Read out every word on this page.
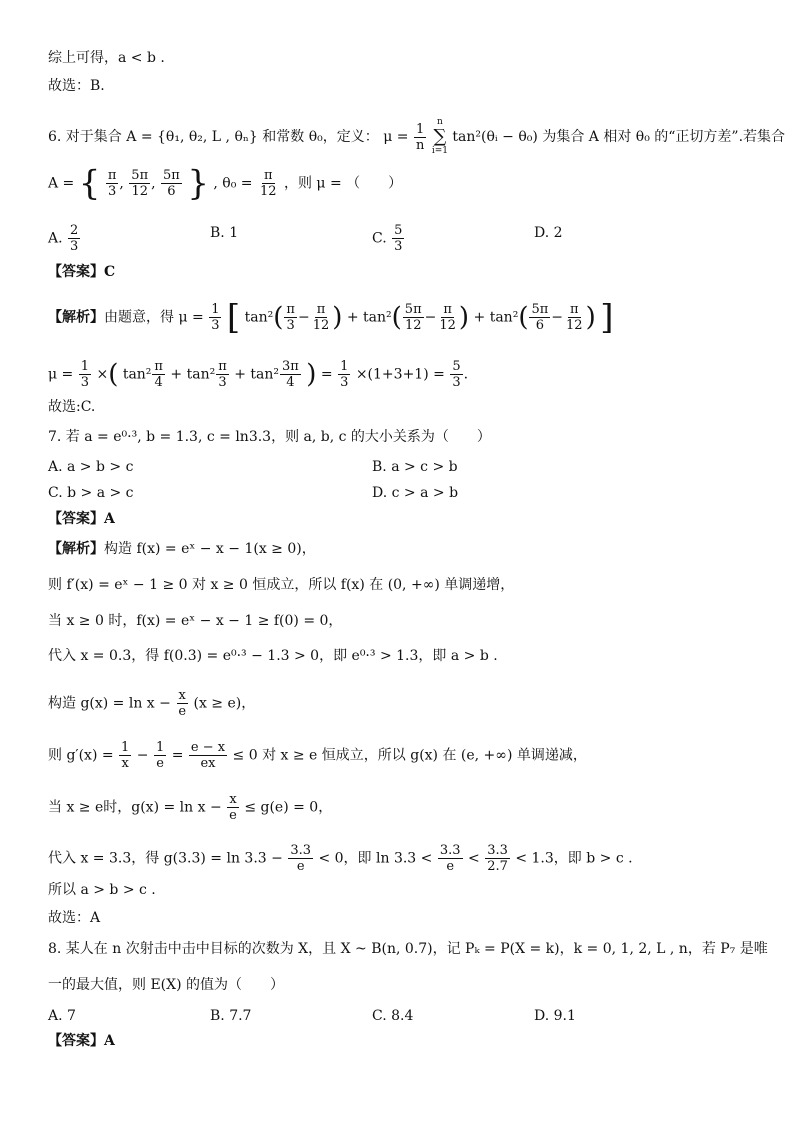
综上可得，a < b .
故选：B.
6. 对于集合 A = {θ₁, θ₂, L , θₙ} 和常数 θ₀，定义： $\mu = \frac{1}{n}$
n
∑
i=1
tan²(θᵢ − θ₀) 为集合 A 相对 θ₀ 的“正切方差”.若集合
A = { $\frac{\pi}{3}$ , $\frac{5\pi}{12}$ , $\frac{5\pi}{6}$ } , $\theta_0 = \frac{\pi}{12}$ ，则 μ = （　　）
A. $\frac{2}{3}$	B. 1	C. $\frac{5}{3}$	D. 2
【答案】C
【解析】由题意，得 $\mu = \frac{1}{3}$ [ $\tan^2( \frac{\pi}{3} - \frac{\pi}{12}$ ) + $\tan^2( \frac{5\pi}{12} - \frac{\pi}{12}$ ) + $\tan^2( \frac{5\pi}{6} - \frac{\pi}{12}$ ) ]
$\mu = \frac{1}{3}$ ×( $\tan^2 \frac{\pi}{4} + \tan^2 \frac{\pi}{3} + \tan^2 \frac{3\pi}{4}$ ) = $\frac{1}{3} \times(1+3+1) = \frac{5}{3}$ .
故选:C.
7. 若 a = e⁰·³, b = 1.3, c = ln3.3，则 a, b, c 的大小关系为（　　）
A. a > b > c	B. a > c > b
C. b > a > c	D. c > a > b
【答案】A
【解析】构造 f(x) = eˣ − x − 1(x ≥ 0)，
则 f′(x) = eˣ − 1 ≥ 0 对 x ≥ 0 恒成立，所以 f(x) 在 (0, +∞) 单调递增，
当 x ≥ 0 时，f(x) = eˣ − x − 1 ≥ f(0) = 0，
代入 x = 0.3，得 f(0.3) = e⁰·³ − 1.3 > 0，即 e⁰·³ > 1.3，即 a > b .
构造 $g(x) = \ln x - \frac{x}{e} (x \ge e)$，
则 $g'(x) = \frac{1}{x} - \frac{1}{e} = \frac{e - x}{ex} \le 0$ 对 x ≥ e 恒成立，所以 g(x) 在 (e, +∞) 单调递减，
当 x ≥ e时，$g(x) = \ln x - \frac{x}{e} \le g(e) = 0$，
代入 x = 3.3，得 $g(3.3) = \ln 3.3 - \frac{3.3}{e} < 0$，即 $\ln 3.3 < \frac{3.3}{e} < \frac{3.3}{2.7} < 1.3$，即 b > c .
所以 a > b > c .
故选：A
8. 某人在 n 次射击中击中目标的次数为 X，且 X ~ B(n, 0.7)，记 Pₖ = P(X = k)，k = 0, 1, 2, L , n，若 P₇ 是唯
一的最大值，则 E(X) 的值为（　　）
A. 7	B. 7.7	C. 8.4	D. 9.1
【答案】A
